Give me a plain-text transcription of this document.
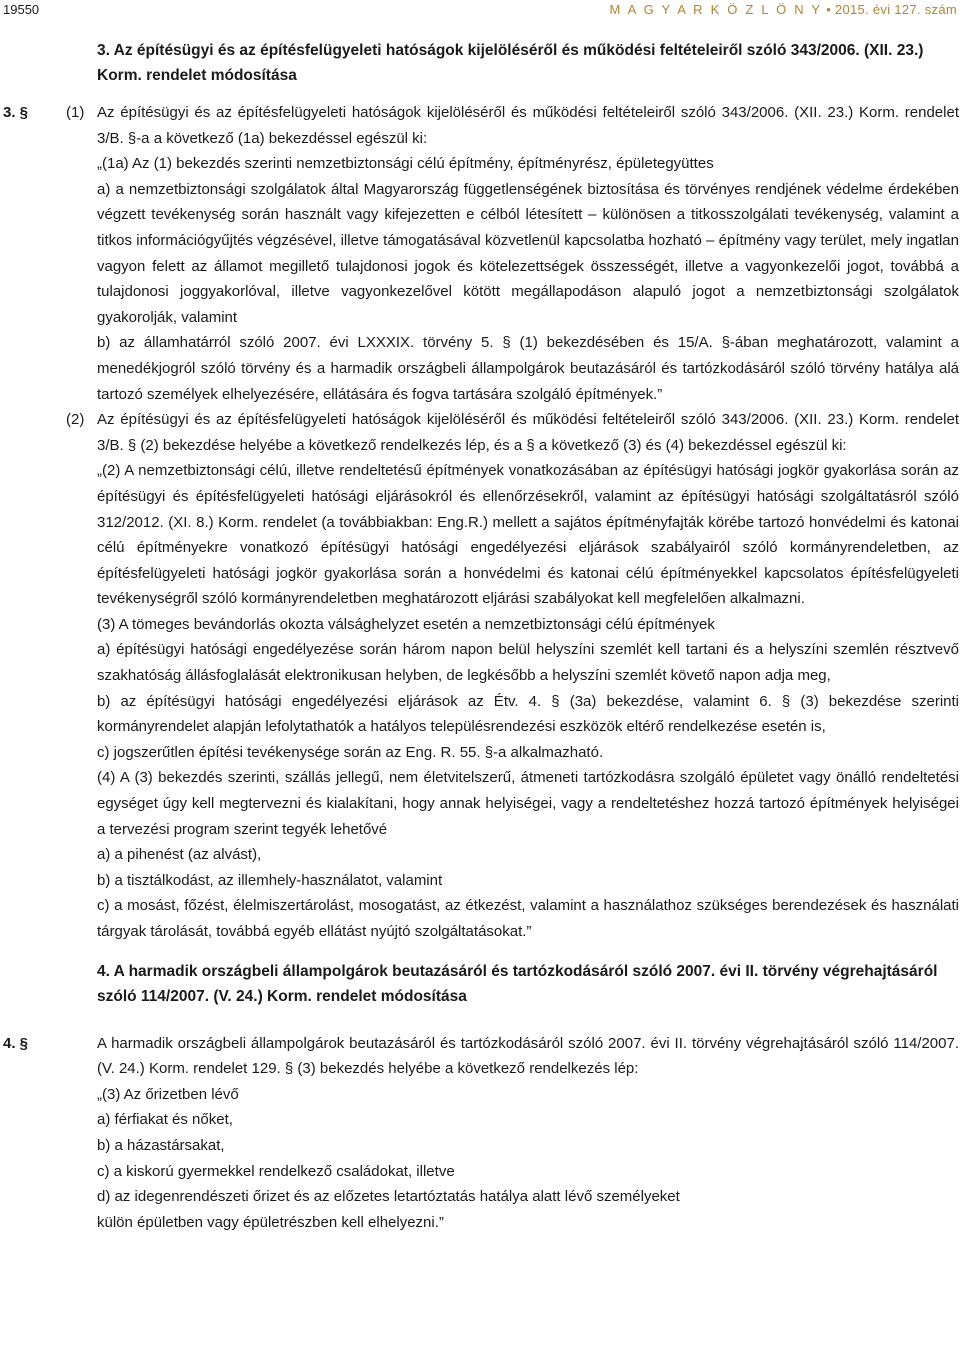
19550	M A G Y A R K Ö Z L Ö N Y • 2015. évi 127. szám
3. Az építésügyi és az építésfelügyeleti hatóságok kijelöléséről és működési feltételeiről szóló 343/2006. (XII. 23.) Korm. rendelet módosítása
3. §	(1) Az építésügyi és az építésfelügyeleti hatóságok kijelöléséről és működési feltételeiről szóló 343/2006. (XII. 23.) Korm. rendelet 3/B. §-a a következő (1a) bekezdéssel egészül ki:

„(1a) Az (1) bekezdés szerinti nemzetbiztonsági célú építmény, építményrész, épületegyüttes

a) a nemzetbiztonsági szolgálatok által Magyarország függetlenségének biztosítása és törvényes rendjének védelme érdekében végzett tevékenység során használt vagy kifejezetten e célból létesített – különösen a titkosszolgálati tevékenység, valamint a titkos információgyűjtés végzésével, illetve támogatásával közvetlenül kapcsolatba hozható – építmény vagy terület, mely ingatlan vagyon felett az államot megillető tulajdonosi jogok és kötelezettségek összességét, illetve a vagyonkezelői jogot, továbbá a tulajdonosi joggyakorlóval, illetve vagyonkezelővel kötött megállapodáson alapuló jogot a nemzetbiztonsági szolgálatok gyakorolják, valamint

b) az államhatárról szóló 2007. évi LXXXIX. törvény 5. § (1) bekezdésében és 15/A. §-ában meghatározott, valamint a menedékjogról szóló törvény és a harmadik országbeli állampolgárok beutazásáról és tartózkodásáról szóló törvény hatálya alá tartozó személyek elhelyezésére, ellátására és fogva tartására szolgáló építmények.”

(2) Az építésügyi és az építésfelügyeleti hatóságok kijelöléséről és működési feltételeiről szóló 343/2006. (XII. 23.) Korm. rendelet 3/B. § (2) bekezdése helyébe a következő rendelkezés lép, és a § a következő (3) és (4) bekezdéssel egészül ki:

„(2) A nemzetbiztonsági célú, illetve rendeltetésű építmények vonatkozásában az építésügyi hatósági jogkör gyakorlása során az építésügyi és építésfelügyeleti hatósági eljárásokról és ellenőrzésekről, valamint az építésügyi hatósági szolgáltatásról szóló 312/2012. (XI. 8.) Korm. rendelet (a továbbiakban: Eng.R.) mellett a sajátos építményfajták körébe tartozó honvédelmi és katonai célú építményekre vonatkozó építésügyi hatósági engedélyezési eljárások szabályairól szóló kormányrendeletben, az építésfelügyeleti hatósági jogkör gyakorlása során a honvédelmi és katonai célú építményekkel kapcsolatos építésfelügyeleti tevékenységről szóló kormányrendeletben meghatározott eljárási szabályokat kell megfelelően alkalmazni.

(3) A tömeges bevándorlás okozta válsághelyzet esetén a nemzetbiztonsági célú építmények

a) építésügyi hatósági engedélyezése során három napon belül helyszíni szemlét kell tartani és a helyszíni szemlén résztvevő szakhatóság állásfoglalását elektronikusan helyben, de legkésőbb a helyszíni szemlét követő napon adja meg,

b) az építésügyi hatósági engedélyezési eljárások az Étv. 4. § (3a) bekezdése, valamint 6. § (3) bekezdése szerinti kormányrendelet alapján lefolytathatók a hatályos településrendezési eszközök eltérő rendelkezése esetén is,

c) jogszerűtlen építési tevékenysége során az Eng. R. 55. §-a alkalmazható.

(4) A (3) bekezdés szerinti, szállás jellegű, nem életvitelszerű, átmeneti tartózkodásra szolgáló épületet vagy önálló rendeltetési egységet úgy kell megtervezni és kialakítani, hogy annak helyiségei, vagy a rendeltetéshez hozzá tartozó építmények helyiségei a tervezési program szerint tegyék lehetővé

a) a pihenést (az alvást),

b) a tisztálkodást, az illemhely-használatot, valamint

c) a mosást, főzést, élelmiszertárolást, mosogatást, az étkezést, valamint a használathoz szükséges berendezések és használati tárgyak tárolását, továbbá egyéb ellátást nyújtó szolgáltatásokat.”

4. A harmadik országbeli állampolgárok beutazásáról és tartózkodásáról szóló 2007. évi II. törvény végrehajtásáról szóló 114/2007. (V. 24.) Korm. rendelet módosítása
4. §	A harmadik országbeli állampolgárok beutazásáról és tartózkodásáról szóló 2007. évi II. törvény végrehajtásáról szóló 114/2007. (V. 24.) Korm. rendelet 129. § (3) bekezdés helyébe a következő rendelkezés lép:

„(3) Az őrizetben lévő

a) férfiakat és nőket,

b) a házastársakat,

c) a kiskorú gyermekkel rendelkező családokat, illetve

d) az idegenrendészeti őrizet és az előzetes letartóztatás hatálya alatt lévő személyeket

külön épületben vagy épületrészben kell elhelyezni.”
